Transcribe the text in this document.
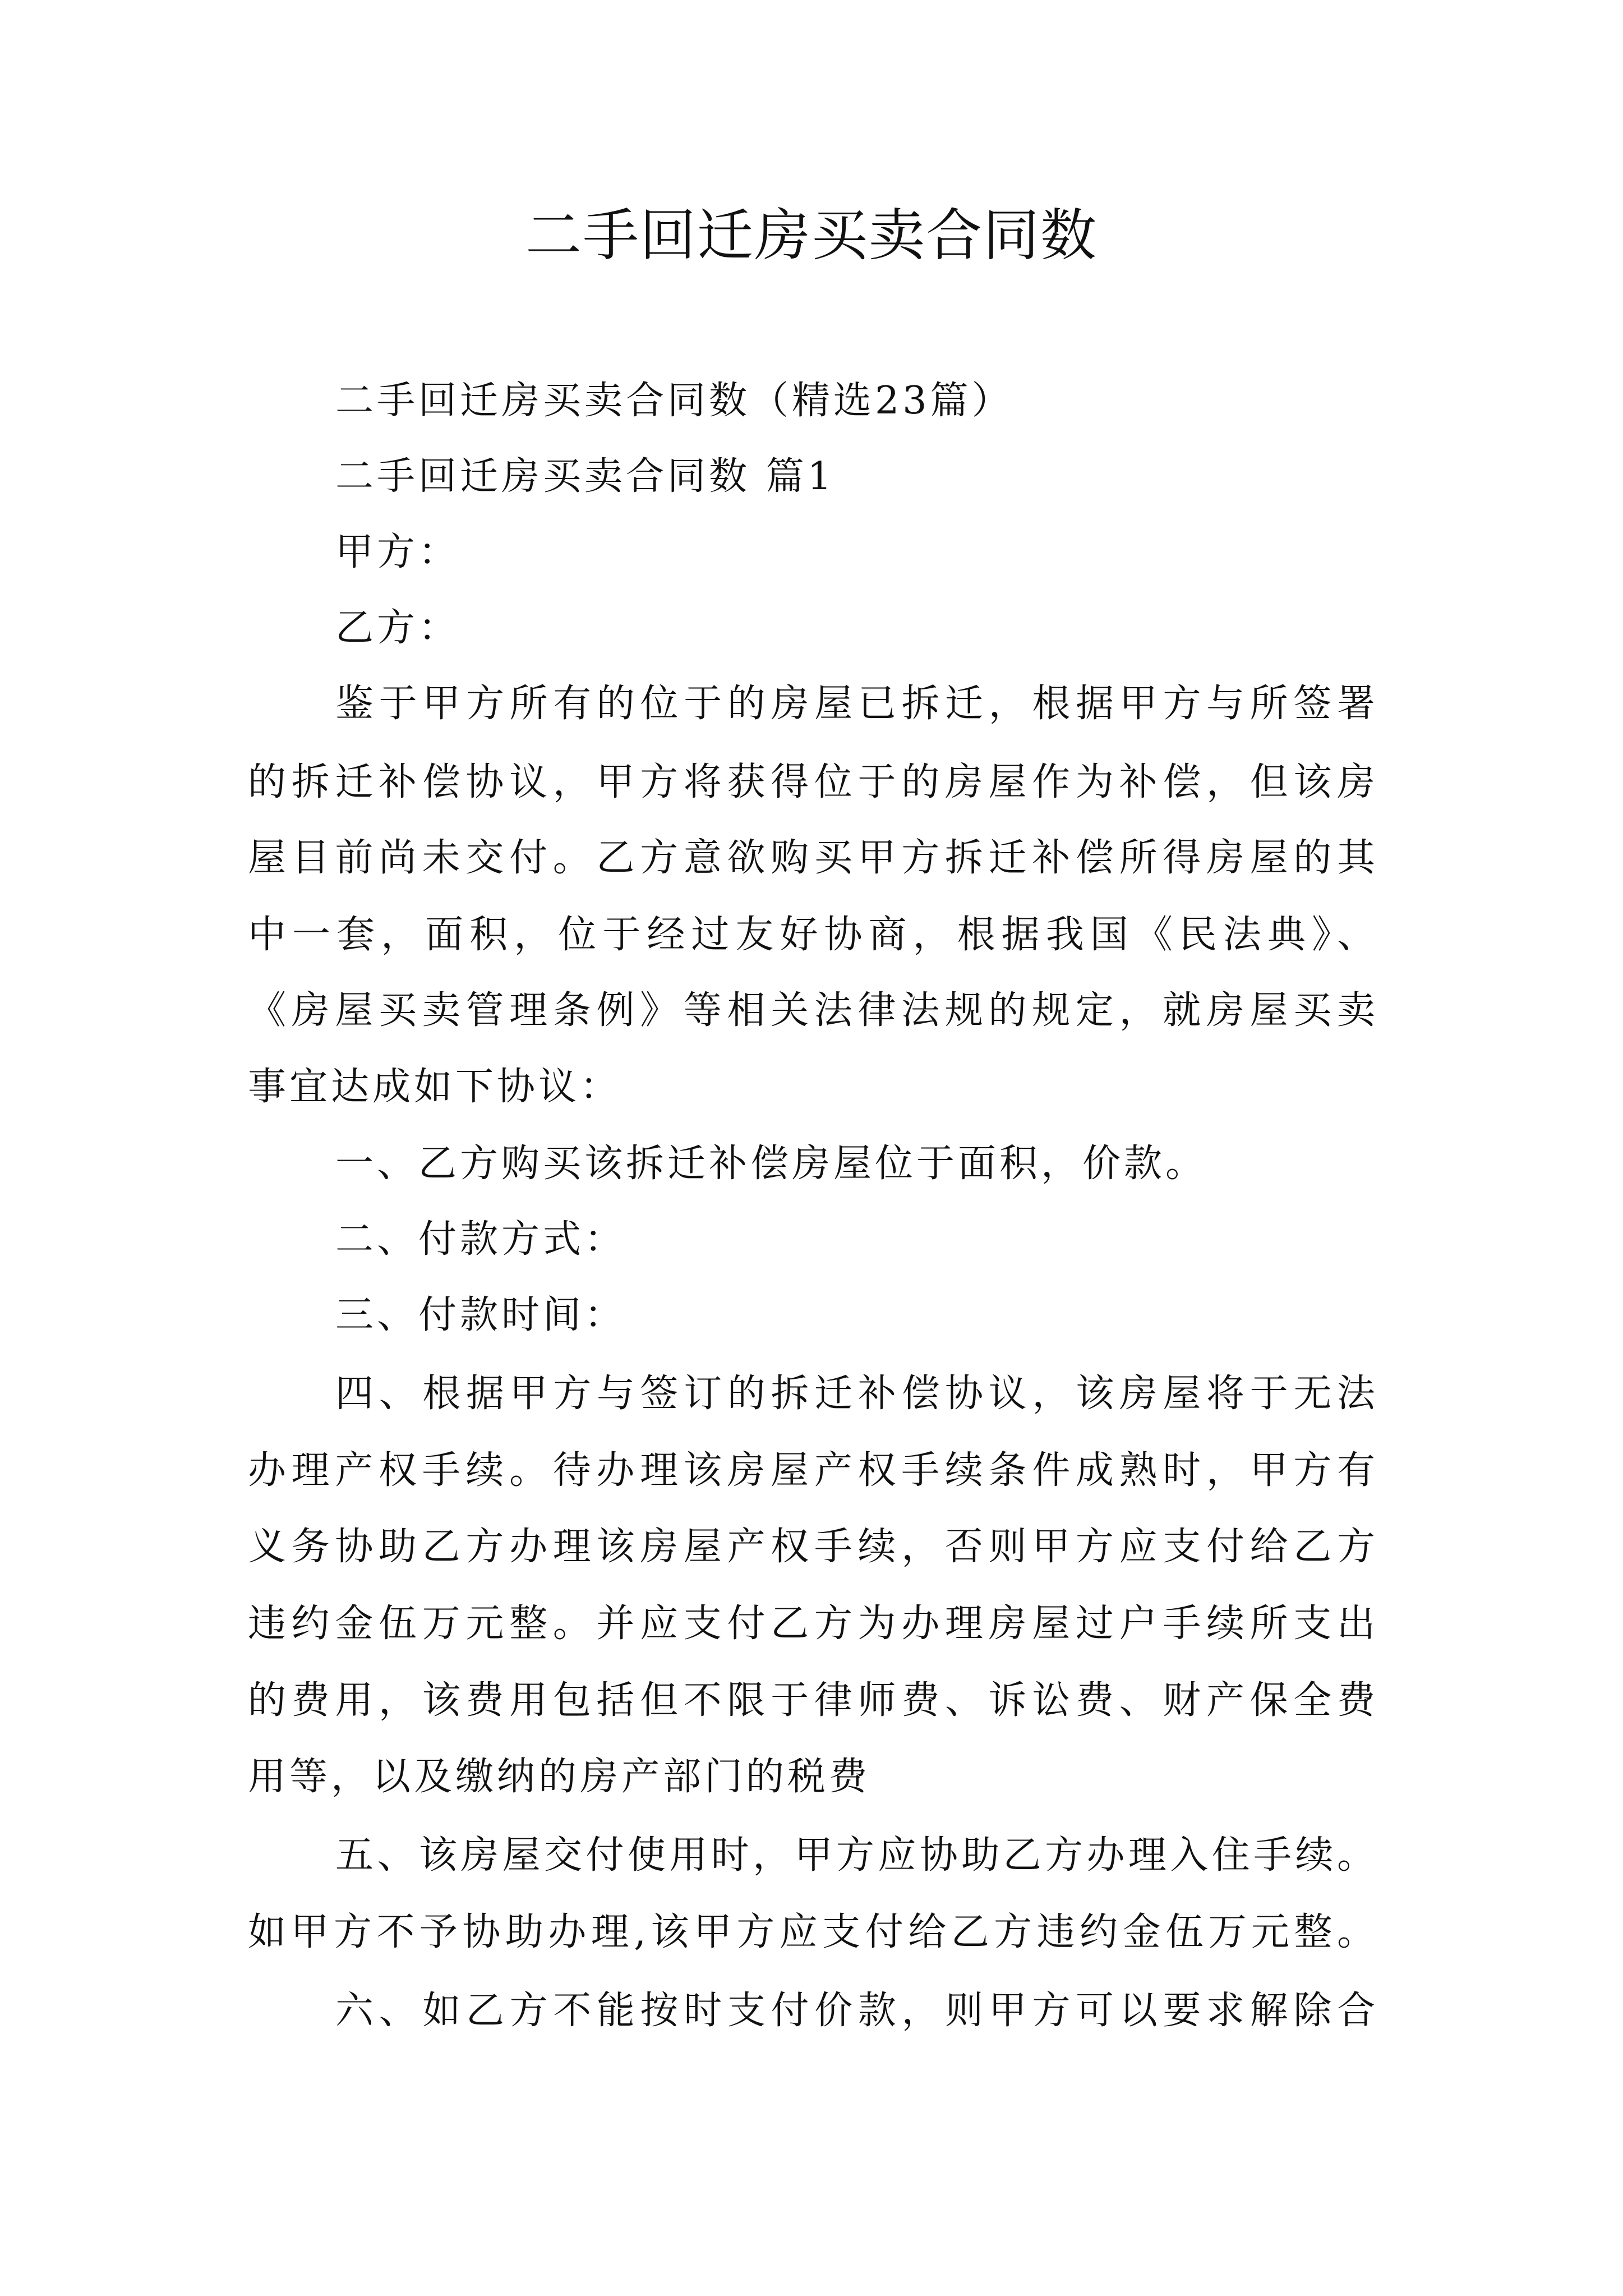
二手回迁房买卖合同数
二手回迁房买卖合同数（精选23篇）
二手回迁房买卖合同数 篇1
甲方：
乙方：
鉴于甲方所有的位于的房屋已拆迁，根据甲方与所签署
的拆迁补偿协议，甲方将获得位于的房屋作为补偿，但该房
屋目前尚未交付。乙方意欲购买甲方拆迁补偿所得房屋的其
中一套，面积，位于经过友好协商，根据我国《民法典》、
《房屋买卖管理条例》等相关法律法规的规定，就房屋买卖
事宜达成如下协议：
一、乙方购买该拆迁补偿房屋位于面积，价款。
二、付款方式：
三、付款时间：
四、根据甲方与签订的拆迁补偿协议，该房屋将于无法
办理产权手续。待办理该房屋产权手续条件成熟时，甲方有
义务协助乙方办理该房屋产权手续，否则甲方应支付给乙方
违约金伍万元整。并应支付乙方为办理房屋过户手续所支出
的费用，该费用包括但不限于律师费、诉讼费、财产保全费
用等，以及缴纳的房产部门的税费
五、该房屋交付使用时，甲方应协助乙方办理入住手续。
如甲方不予协助办理,该甲方应支付给乙方违约金伍万元整。
六、如乙方不能按时支付价款，则甲方可以要求解除合
